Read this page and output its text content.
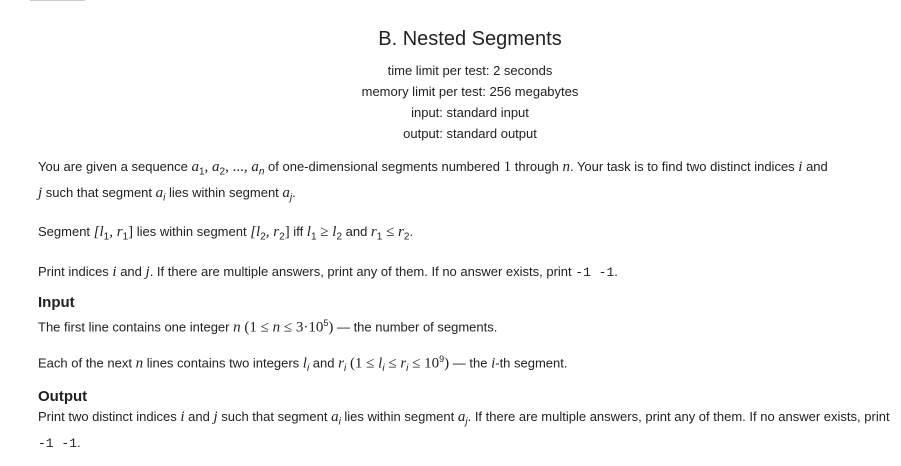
B. Nested Segments
time limit per test: 2 seconds
memory limit per test: 256 megabytes
input: standard input
output: standard output
You are given a sequence $a_1$, $a_2$, ..., $a_n$ of one-dimensional segments numbered 1 through n. Your task is to find two distinct indices i and
j such that segment $a_i$ lies within segment $a_j$.
Segment [$l_1$, $r_1$] lies within segment [$l_2$, $r_2$] iff $l_1 \ge l_2$ and $r_1 \le r_2$.
Print indices i and j. If there are multiple answers, print any of them. If no answer exists, print -1 -1.
Input
The first line contains one integer n $(1 \le n \le 3\cdot 10^5)$ — the number of segments.
Each of the next n lines contains two integers $l_i$ and $r_i$ $(1 \le l_i \le r_i \le 10^9)$ — the i-th segment.
Output
Print two distinct indices i and j such that segment $a_i$ lies within segment $a_j$. If there are multiple answers, print any of them. If no answer exists, print -1 -1.
